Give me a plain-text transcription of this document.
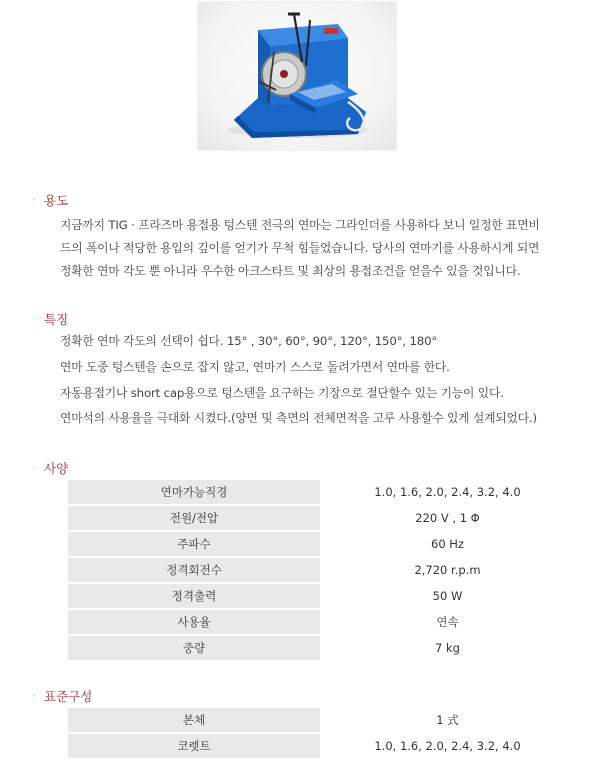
· 용도
지금까지 TIG · 프라즈마 용접용 텅스텐 전극의 연마는 그라인더를 사용하다 보니 일정한 표면비
드의 폭이나 적당한 용입의 깊이를 얻기가 무척 힘들었습니다. 당사의 연마기를 사용하시게 되면
정확한 연마 각도 뿐 아니라 우수한 아크스타트 및 최상의 용접조건을 얻을수 있을 것입니다.
· 특징
정확한 연마 각도의 선택이 쉽다. 15° , 30°, 60°, 90°, 120°, 150°, 180°
연마 도중 텅스텐을 손으로 잡지 않고, 연마기 스스로 돌려가면서 연마를 한다.
자동용접기나 short cap용으로 텅스텐을 요구하는 기장으로 절단할수 있는 기능이 있다.
연마석의 사용율을 극대화 시켰다.(양면 및 측면의 전체면적을 고루 사용할수 있게 설계되었다.)
· 사양
연마가능직경	1.0, 1.6, 2.0, 2.4, 3.2, 4.0
전원/전압	220 V , 1 Φ
주파수	60 Hz
정격회전수	2,720 r.p.m
정격출력	50 W
사용율	연속
중량	7 kg
· 표준구성
본체	1 式
코렛트	1.0, 1.6, 2.0, 2.4, 3.2, 4.0
